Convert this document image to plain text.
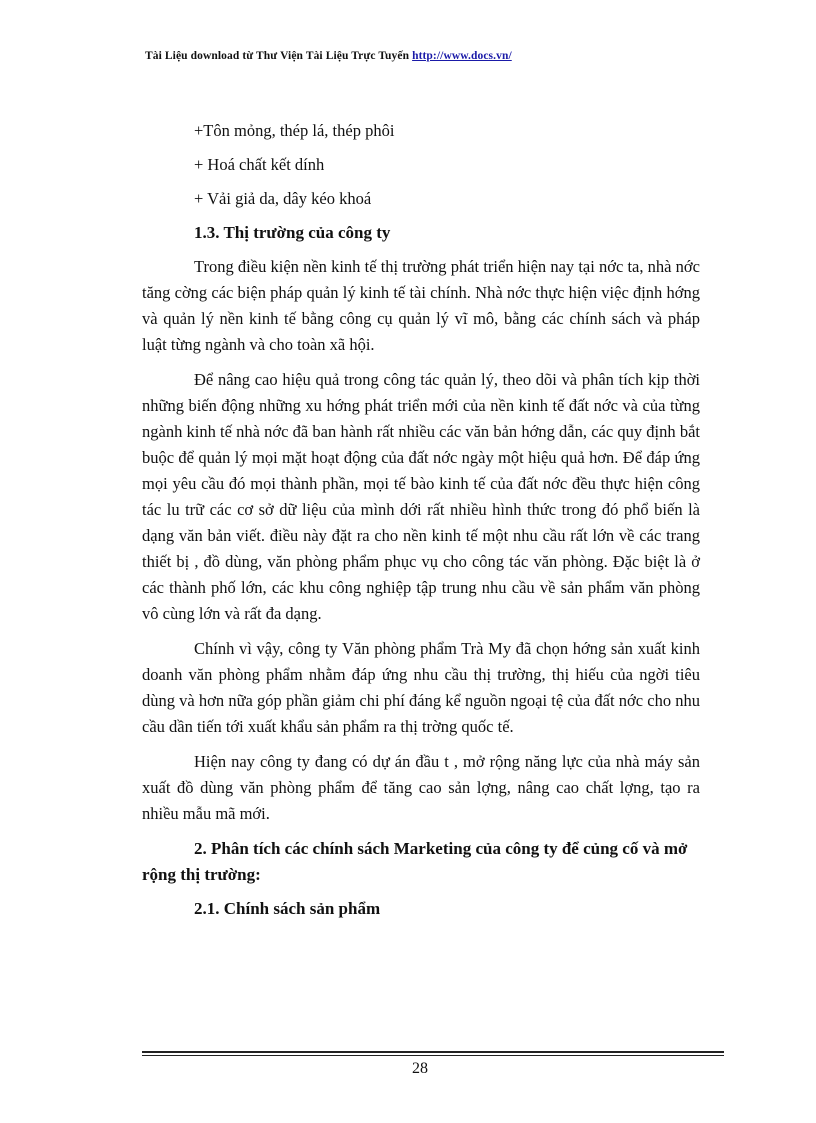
Tài Liệu download từ Thư Viện Tài Liệu Trực Tuyến http://www.docs.vn/

+Tôn mỏng, thép lá, thép phôi

+ Hoá chất kết dính

+ Vải giả da, dây kéo khoá

1.3. Thị trường của công ty

Trong điều kiện nền kinh tế thị trường phát triển hiện nay tại nớc ta, nhà nớc tăng cờng các biện pháp quản lý kinh tế tài chính. Nhà nớc thực hiện việc định hớng và quản lý nền kinh tế bằng công cụ quản lý vĩ mô, bằng các chính sách và pháp luật từng ngành và cho toàn xã hội.

Để nâng cao hiệu quả trong công tác quản lý, theo dõi và phân tích kịp thời những biến động những xu hớng phát triển mới của nền kinh tế đất nớc và của từng ngành kinh tế nhà nớc đã ban hành rất nhiều các văn bản hớng dẫn, các quy định bắt buộc để quản lý mọi mặt hoạt động của đất nớc ngày một hiệu quả hơn. Để đáp ứng mọi yêu cầu đó mọi thành phần, mọi tế bào kinh tế của đất nớc đều thực hiện công tác lu trữ các cơ sở dữ liệu của mình dới rất nhiều hình thức trong đó phổ biến là dạng văn bản viết. điều này đặt ra cho nền kinh tế một nhu cầu rất lớn về các trang thiết bị , đồ dùng, văn phòng phẩm phục vụ cho công tác văn phòng. Đặc biệt là ở các thành phố lớn, các khu công nghiệp tập trung nhu cầu về sản phẩm văn phòng vô cùng lớn và rất đa dạng.

Chính vì vậy, công ty Văn phòng phẩm Trà My đã chọn hớng sản xuất kinh doanh văn phòng phẩm nhằm đáp ứng nhu cầu thị trường, thị hiếu của ngời tiêu dùng và hơn nữa góp phần giảm chi phí đáng kể nguồn ngoại tệ của đất nớc cho nhu cầu dần tiến tới xuất khẩu sản phẩm ra thị trờng quốc tế.

Hiện nay công ty đang có dự án đầu t , mở rộng năng lực của nhà máy sản xuất đồ dùng văn phòng phẩm để tăng cao sản lợng, nâng cao chất lợng, tạo ra nhiều mẫu mã mới.

2. Phân tích các chính sách Marketing của công ty để củng cố và mở rộng thị trường:

2.1. Chính sách sản phẩm

28
